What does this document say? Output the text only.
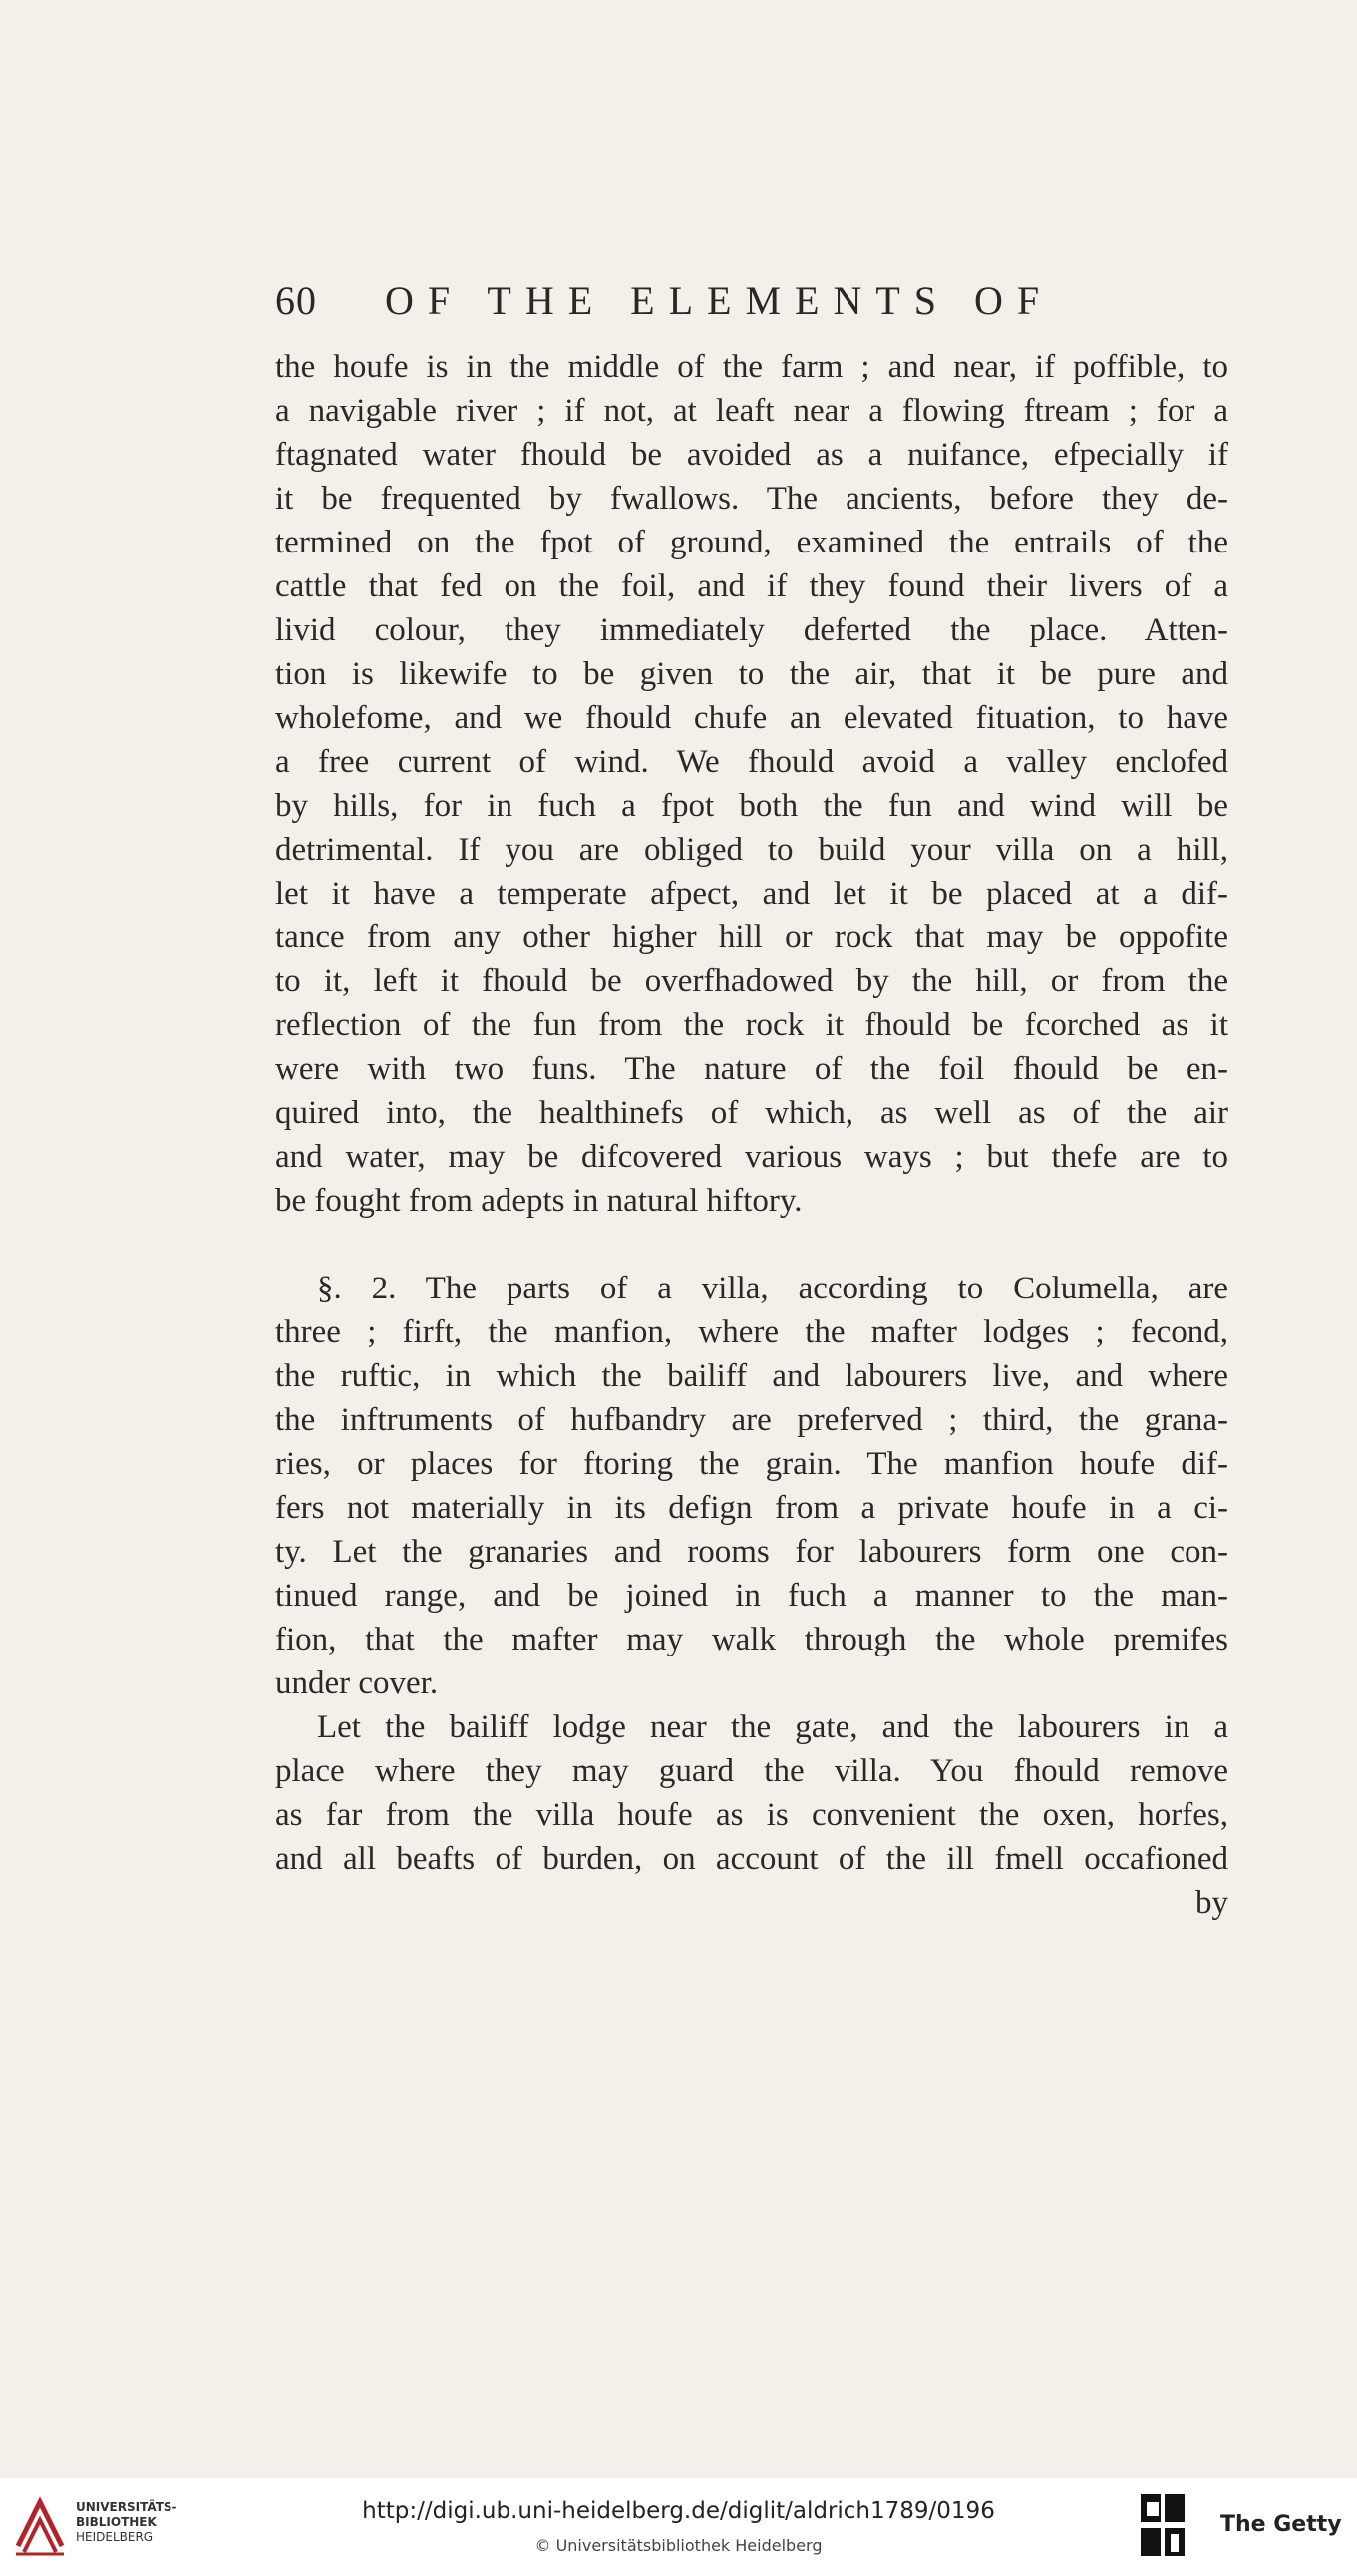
60 OF THE ELEMENTS OF
the houfe is in the middle of the farm ; and near, if poffible, to
a navigable river ; if not, at leaft near a flowing ftream ; for a
ftagnated water fhould be avoided as a nuifance, efpecially if
it be frequented by fwallows. The ancients, before they de-
termined on the fpot of ground, examined the entrails of the
cattle that fed on the foil, and if they found their livers of a
livid colour, they immediately deferted the place. Atten-
tion is likewife to be given to the air, that it be pure and
wholefome, and we fhould chufe an elevated fituation, to have
a free current of wind. We fhould avoid a valley enclofed
by hills, for in fuch a fpot both the fun and wind will be
detrimental. If you are obliged to build your villa on a hill,
let it have a temperate afpect, and let it be placed at a dif-
tance from any other higher hill or rock that may be oppofite
to it, left it fhould be overfhadowed by the hill, or from the
reflection of the fun from the rock it fhould be fcorched as it
were with two funs. The nature of the foil fhould be en-
quired into, the healthinefs of which, as well as of the air
and water, may be difcovered various ways ; but thefe are to
be fought from adepts in natural hiftory.
§. 2. The parts of a villa, according to Columella, are
three ; firft, the manfion, where the mafter lodges ; fecond,
the ruftic, in which the bailiff and labourers live, and where
the inftruments of hufbandry are preferved ; third, the grana-
ries, or places for ftoring the grain. The manfion houfe dif-
fers not materially in its defign from a private houfe in a ci-
ty. Let the granaries and rooms for labourers form one con-
tinued range, and be joined in fuch a manner to the man-
fion, that the mafter may walk through the whole premifes
under cover.
Let the bailiff lodge near the gate, and the labourers in a
place where they may guard the villa. You fhould remove
as far from the villa houfe as is convenient the oxen, horfes,
and all beafts of burden, on account of the ill fmell occafioned
by
UNIVERSITÄTS-
BIBLIOTHEK
HEIDELBERG
http://digi.ub.uni-heidelberg.de/diglit/aldrich1789/0196
© Universitätsbibliothek Heidelberg
The Getty
